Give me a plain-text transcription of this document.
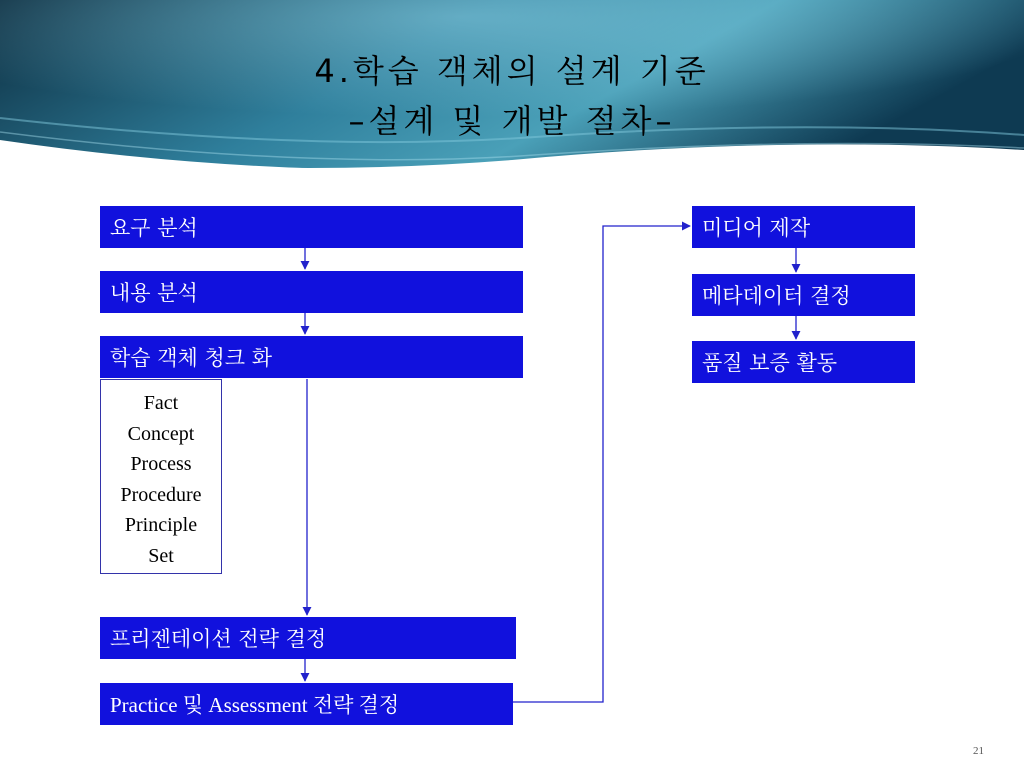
4.학습 객체의 설계 기준
–설계 및 개발 절차–
요구 분석
내용 분석
학습 객체 청크 화
Fact
Concept
Process
Procedure
Principle
Set
프리젠테이션 전략 결정
Practice 및 Assessment 전략 결정
미디어 제작
메타데이터 결정
품질 보증 활동
21
